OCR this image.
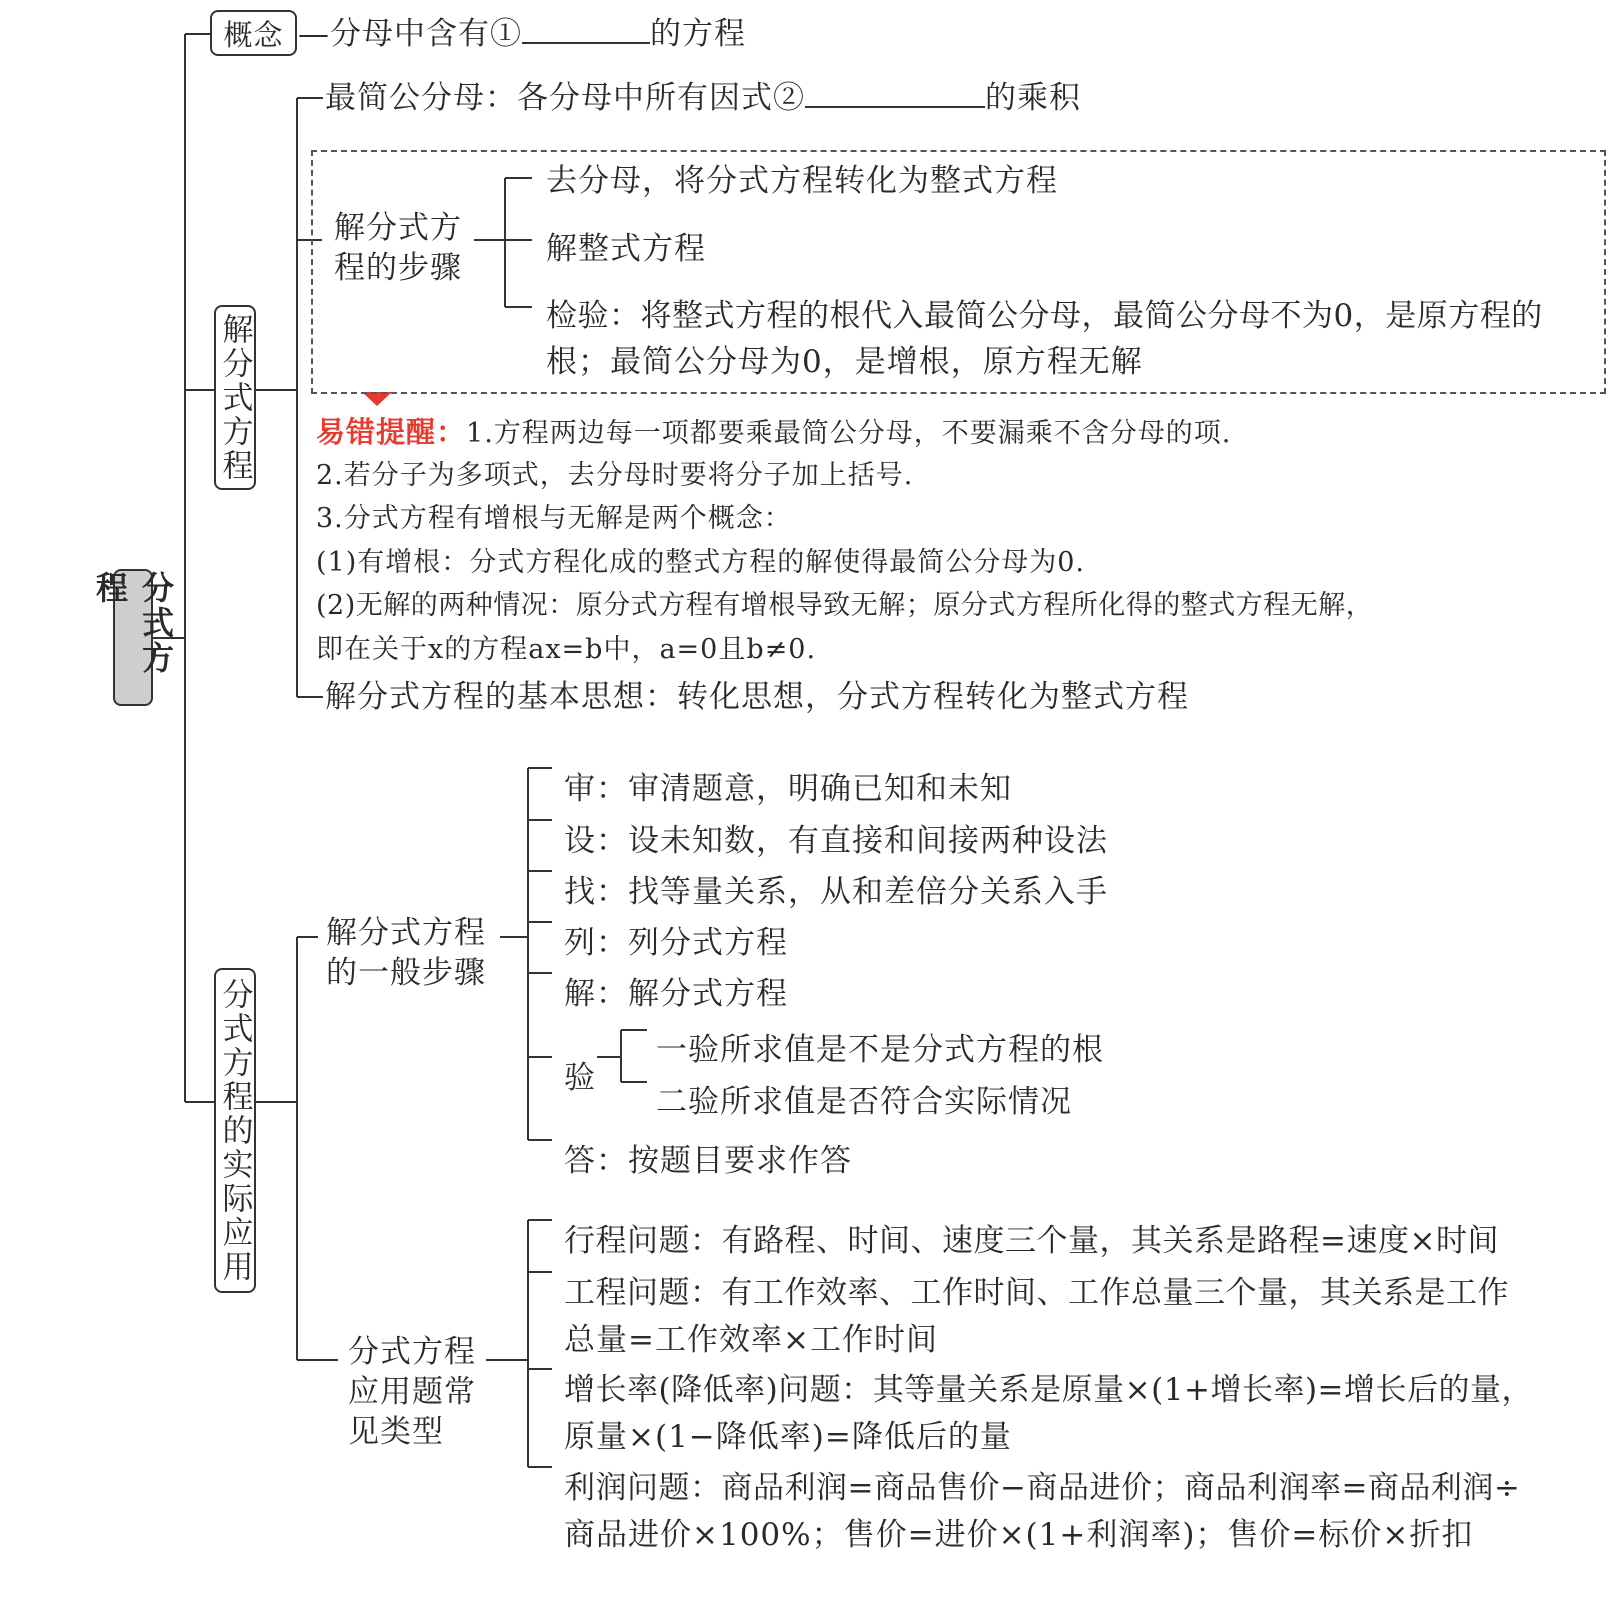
分式方程
概念 —分母中含有①	的方程
解分式方程
最简公分母：各分母中所有因式②	的乘积
解分式方
程的步骤
去分母，将分式方程转化为整式方程
解整式方程
检验：将整式方程的根代入最简公分母，最简公分母不为0，是原方程的
根；最简公分母为0，是增根，原方程无解
易错提醒：1.方程两边每一项都要乘最简公分母，不要漏乘不含分母的项.
2.若分子为多项式，去分母时要将分子加上括号.
3.分式方程有增根与无解是两个概念：
(1)有增根：分式方程化成的整式方程的解使得最简公分母为0.
(2)无解的两种情况：原分式方程有增根导致无解；原分式方程所化得的整式方程无解，
即在关于x的方程ax=b中，a=0且b≠0.
解分式方程的基本思想：转化思想，分式方程转化为整式方程
分式方程的实际应用
解分式方程
的一般步骤
审：审清题意，明确已知和未知
设：设未知数，有直接和间接两种设法
找：找等量关系，从和差倍分关系入手
列：列分式方程
解：解分式方程
验
一验所求值是不是分式方程的根
二验所求值是否符合实际情况
答：按题目要求作答
分式方程
应用题常
见类型
行程问题：有路程、时间、速度三个量，其关系是路程=速度×时间
工程问题：有工作效率、工作时间、工作总量三个量，其关系是工作
总量=工作效率×工作时间
增长率(降低率)问题：其等量关系是原量×(1+增长率)=增长后的量，
原量×(1−降低率)=降低后的量
利润问题：商品利润=商品售价−商品进价；商品利润率=商品利润÷
商品进价×100%；售价=进价×(1+利润率)；售价=标价×折扣
